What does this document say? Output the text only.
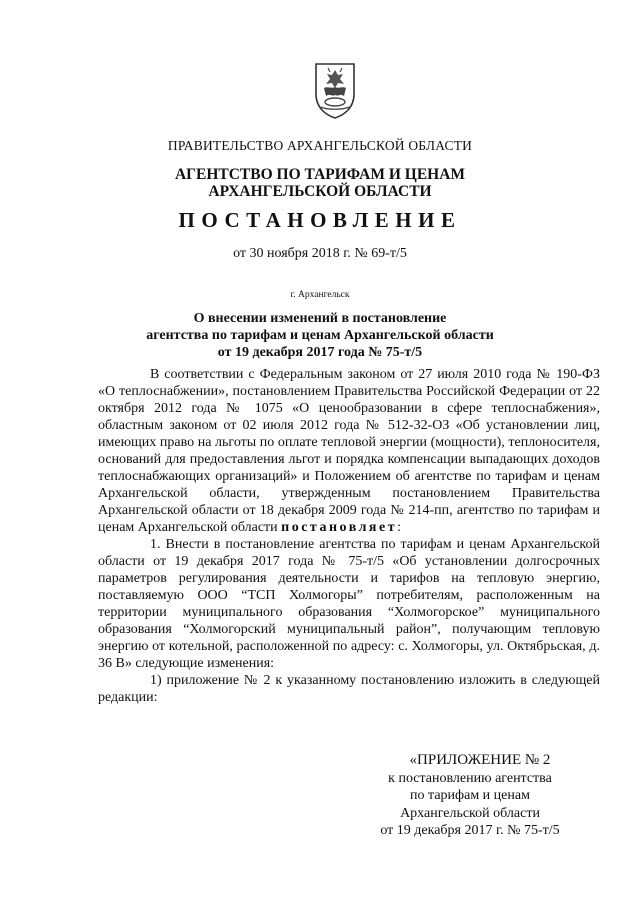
ПРАВИТЕЛЬСТВО АРХАНГЕЛЬСКОЙ ОБЛАСТИ
АГЕНТСТВО ПО ТАРИФАМ И ЦЕНАМ
АРХАНГЕЛЬСКОЙ ОБЛАСТИ
ПОСТАНОВЛЕНИЕ
от 30 ноября 2018 г. № 69-т/5
г. Архангельск
О внесении изменений в постановление
агентства по тарифам и ценам Архангельской области
от 19 декабря 2017 года № 75-т/5

В соответствии с Федеральным законом от 27 июля 2010 года № 190-ФЗ «О теплоснабжении», постановлением Правительства Российской Федерации от 22 октября 2012 года № 1075 «О ценообразовании в сфере теплоснабжения», областным законом от 02 июля 2012 года № 512-32-ОЗ «Об установлении лиц, имеющих право на льготы по оплате тепловой энергии (мощности), теплоносителя, оснований для предоставления льгот и порядка компенсации выпадающих доходов теплоснабжающих организаций» и Положением об агентстве по тарифам и ценам Архангельской области, утвержденным постановлением Правительства Архангельской области от 18 декабря 2009 года № 214-пп, агентство по тарифам и ценам Архангельской области постановляет:

1. Внести в постановление агентства по тарифам и ценам Архангельской области от 19 декабря 2017 года № 75-т/5 «Об установлении долгосрочных параметров регулирования деятельности и тарифов на тепловую энергию, поставляемую ООО “ТСП Холмогоры” потребителям, расположенным на территории муниципального образования “Холмогорское” муниципального образования “Холмогорский муниципальный район”, получающим тепловую энергию от котельной, расположенной по адресу: с. Холмогоры, ул. Октябрьская, д. 36 В» следующие изменения:

1) приложение № 2 к указанному постановлению изложить в следующей редакции:

«ПРИЛОЖЕНИЕ № 2
к постановлению агентства
по тарифам и ценам
Архангельской области
от 19 декабря 2017 г. № 75-т/5
